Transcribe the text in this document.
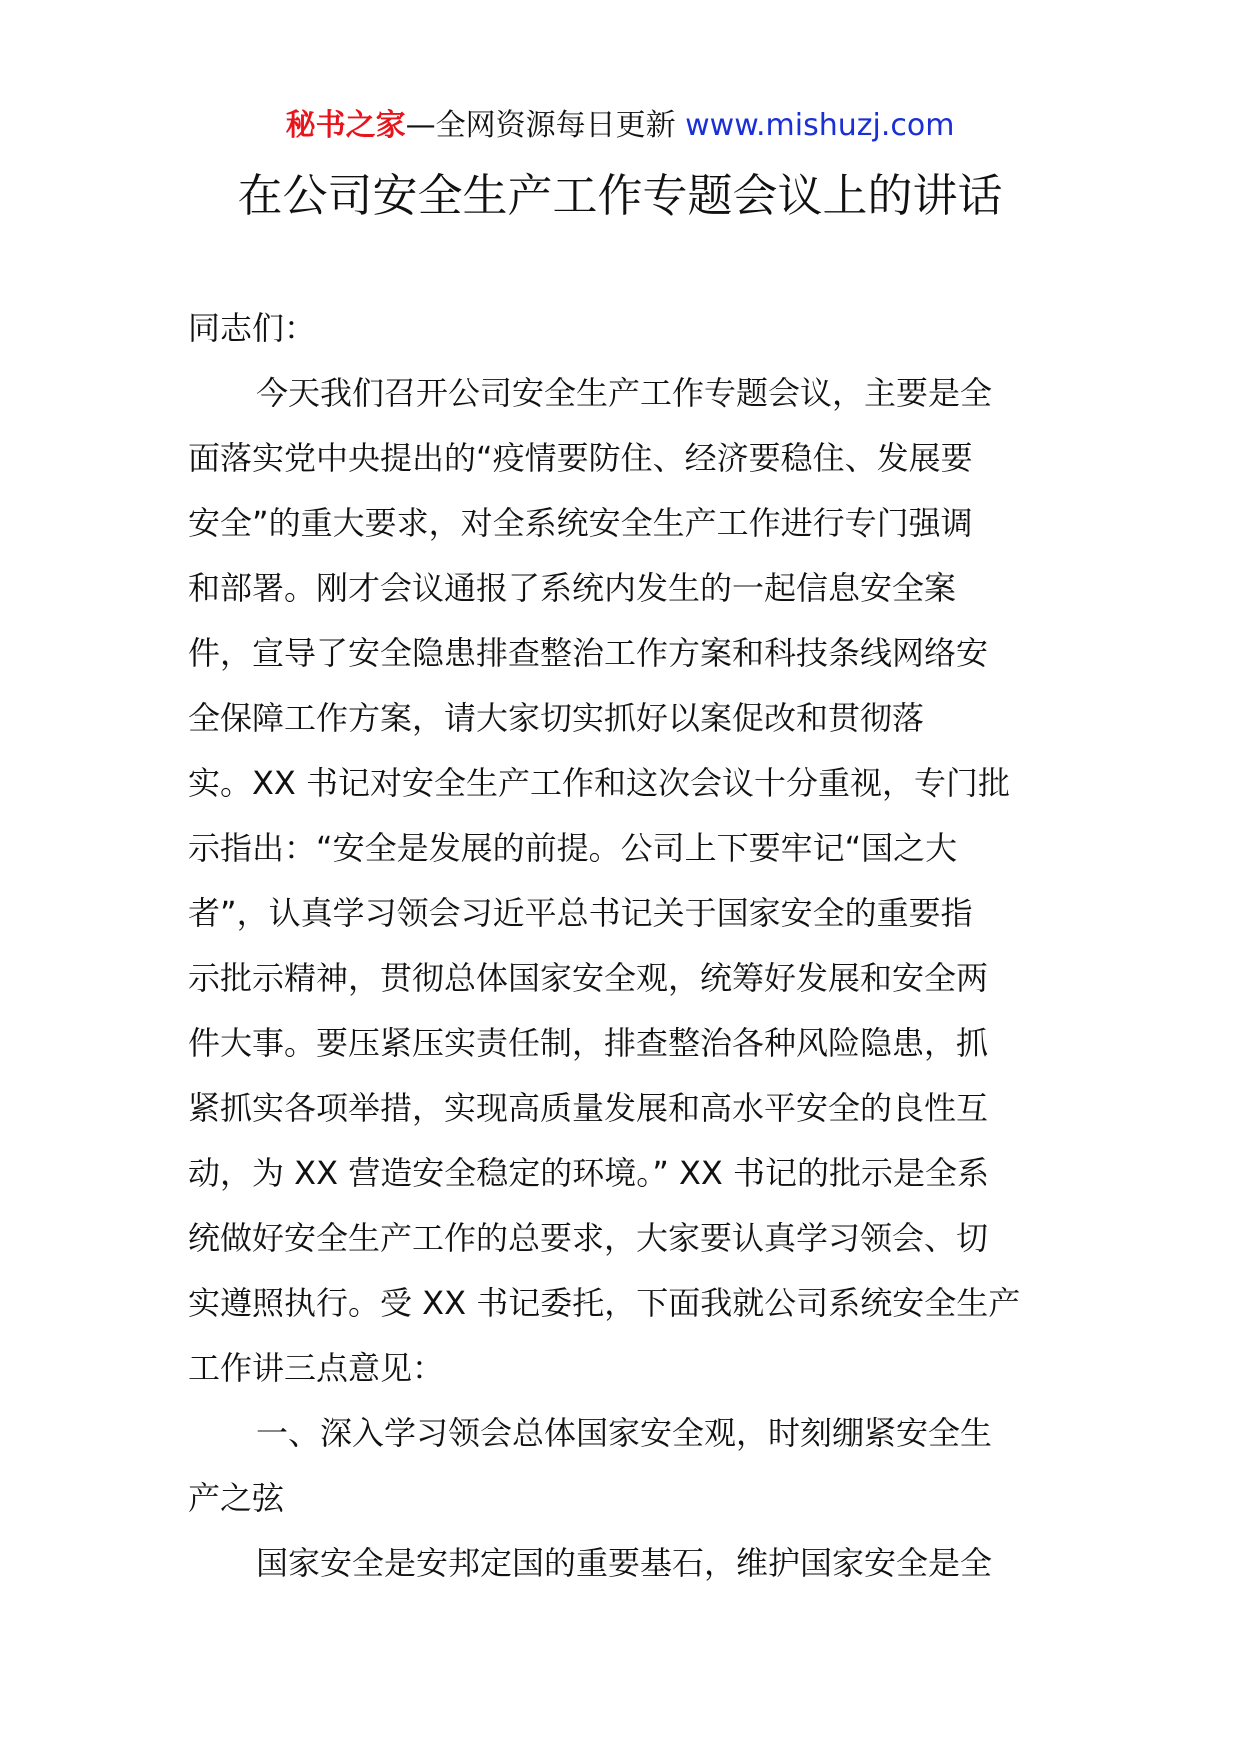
秘书之家—全网资源每日更新 www.mishuzj.com
在公司安全生产工作专题会议上的讲话

同志们：

今天我们召开公司安全生产工作专题会议，主要是全

面落实党中央提出的“疫情要防住、经济要稳住、发展要

安全”的重大要求，对全系统安全生产工作进行专门强调

和部署。刚才会议通报了系统内发生的一起信息安全案

件，宣导了安全隐患排查整治工作方案和科技条线网络安

全保障工作方案，请大家切实抓好以案促改和贯彻落

实。XX 书记对安全生产工作和这次会议十分重视，专门批

示指出：“安全是发展的前提。公司上下要牢记“国之大

者”，认真学习领会习近平总书记关于国家安全的重要指

示批示精神，贯彻总体国家安全观，统筹好发展和安全两

件大事。要压紧压实责任制，排查整治各种风险隐患，抓

紧抓实各项举措，实现高质量发展和高水平安全的良性互

动，为 XX 营造安全稳定的环境。” XX 书记的批示是全系

统做好安全生产工作的总要求，大家要认真学习领会、切

实遵照执行。受 XX 书记委托，下面我就公司系统安全生产

工作讲三点意见：

一、深入学习领会总体国家安全观，时刻绷紧安全生

产之弦

国家安全是安邦定国的重要基石，维护国家安全是全
